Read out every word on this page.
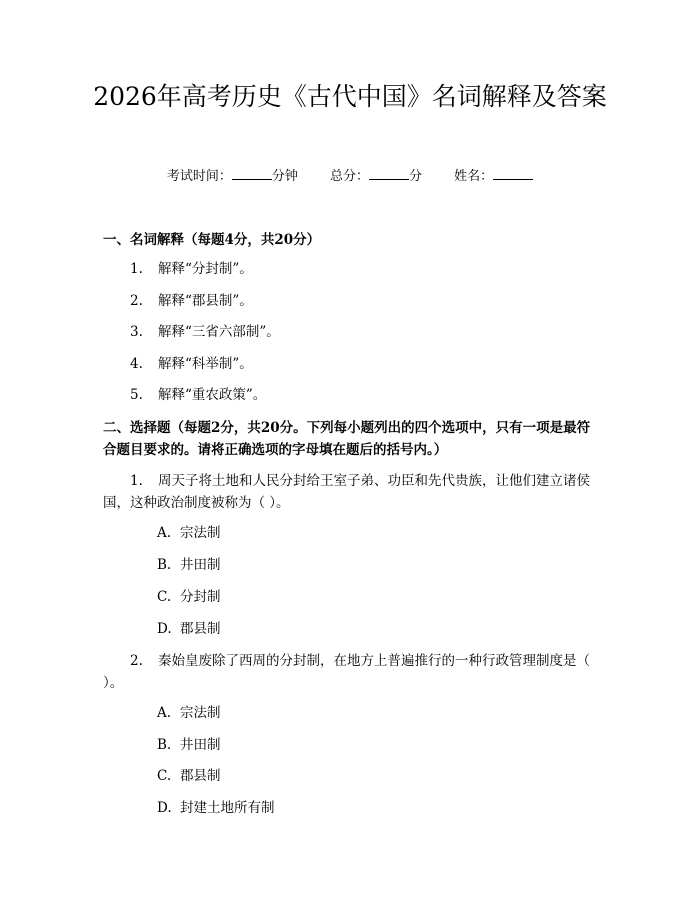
2026年高考历史《古代中国》名词解释及答案
考试时间：	分钟 总分：	分 姓名：
一、名词解释（每题4分，共20分）
1. 解释“分封制”。
2. 解释“郡县制”。
3. 解释“三省六部制”。
4. 解释“科举制”。
5. 解释“重农政策”。
二、选择题（每题2分，共20分。下列每小题列出的四个选项中，只有一项是最符合题目要求的。请将正确选项的字母填在题后的括号内。）
1. 周天子将土地和人民分封给王室子弟、功臣和先代贵族，让他们建立诸侯国，这种政治制度被称为（ ）。
A. 宗法制
B. 井田制
C. 分封制
D. 郡县制
2. 秦始皇废除了西周的分封制，在地方上普遍推行的一种行政管理制度是（ ）。
A. 宗法制
B. 井田制
C. 郡县制
D. 封建土地所有制
